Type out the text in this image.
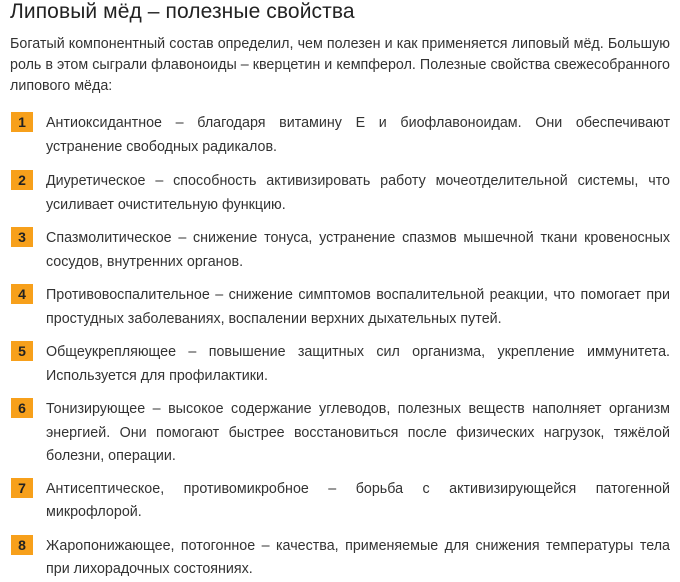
Липовый мёд – полезные свойства

Богатый компонентный состав определил, чем полезен и как применяется липовый мёд. Большую роль в этом сыграли флавоноиды – кверцетин и кемпферол. Полезные свойства свежесобранного липового мёда:

1	Антиоксидантное – благодаря витамину Е и биофлавоноидам. Они обеспечивают устранение свободных радикалов.
2	Диуретическое – способность активизировать работу мочеотделительной системы, что усиливает очистительную функцию.
3	Спазмолитическое – снижение тонуса, устранение спазмов мышечной ткани кровеносных сосудов, внутренних органов.
4	Противовоспалительное – снижение симптомов воспалительной реакции, что помогает при простудных заболеваниях, воспалении верхних дыхательных путей.
5	Общеукрепляющее – повышение защитных сил организма, укрепление иммунитета. Используется для профилактики.
6	Тонизирующее – высокое содержание углеводов, полезных веществ наполняет организм энергией. Они помогают быстрее восстановиться после физических нагрузок, тяжёлой болезни, операции.
7	Антисептическое, противомикробное – борьба с активизирующейся патогенной микрофлорой.
8	Жаропонижающее, потогонное – качества, применяемые для снижения температуры тела при лихорадочных состояниях.
